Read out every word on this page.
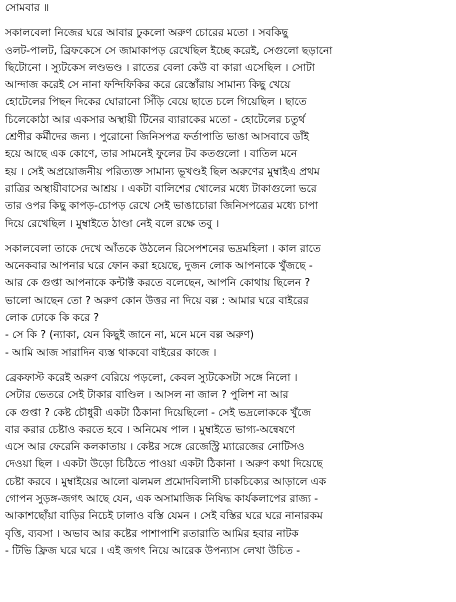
সোমবার ॥
সকালবেলা নিজের ঘরে আবার ঢুকলো অরুণ চোরের মতো । সবকিছু
ওলট-পালট, ব্রিফকেসে সে জামাকাপড় রেখেছিল ইচ্ছে করেই, সেগুলো ছড়ানো
ছিটোনো । স্যুটকেস লণ্ডভণ্ড । রাতের বেলা কেউ বা কারা এসেছিল । সোটা
আন্দাজ করেই সে নানা ফন্দিফিকির করে রেস্তোঁরায় সামান্য কিছু খেয়ে
হোটেলের পিছন দিকের ঘোরানো সিঁড়ি বেয়ে ছাতে চলে গিয়েছিল । ছাতে
চিলেকোঠা আর একসার অস্থায়ী টিনের ব্যারাকের মতো - হোটেলের চতুর্থ
শ্রেণীর কর্মীদের জন্য । পুরোনো জিনিসপত্র ফর্তাপাতি ভাঙা আসবাবে ডাঁই
হয়ে আছে এক কোণে, তার সামনেই ফুলের টব কতগুলো । বাতিল মনে
হয় । সেই অপ্রয়োজনীয় পরিত্যক্ত সামান্য ভূখণ্ডই ছিল অরুণের মুম্বাইএ প্রথম
রাত্রির অস্থায়ীবাসের আশ্রয় । একটা বালিশের খোলের মধ্যে টাকাগুলো ভরে
তার ওপর কিছু কাপড়-চোপড় রেখে সেই ভাঙাচোরা জিনিসপত্রের মধ্যে চাপা
দিয়ে রেখেছিল । মুম্বাইতে ঠাণ্ডা নেই বলে রক্ষে তবু ।
সকালবেলা তাকে দেখে আঁতকে উঠলেন রিসেপশনের ভদ্রমহিলা । কাল রাতে
অনেকবার আপনার ঘরে ফোন করা হয়েছে, দুজন লোক আপনাকে খুঁজছে -
আর কে গুপ্তা আপনাকে কন্টাক্ট করতে বলেছেন, আপনি কোথায় ছিলেন ?
ভালো আছেন তো ? অরুণ কোন উত্তর না দিয়ে বল্ল : আমার ঘরে বাইরের
লোক ঢোকে কি করে ?
- সে কি ? (ন্যাকা, যেন কিছুই জানে না, মনে মনে বল্ল অরুণ)
- আমি আজ সারাদিন ব্যস্ত থাকবো বাইরের কাজে ।
ব্রেকফাস্ট করেই অরুণ বেরিয়ে পড়লো, কেবল স্যুটকেসটা সঙ্গে নিলো ।
সেটার ভেতরে সেই টাকার বাণ্ডিল । আসল না জাল ? পুলিশ না আর
কে গুপ্তা ? কেষ্ট চৌধুরী একটা ঠিকানা দিয়েছিলো - সেই ভদ্রলোককে খুঁজে
বার করার চেষ্টাও করতে হবে । অনিমেষ পাল । মুম্বাইতে ভাগ্য-অন্বেষণে
এসে আর ফেরেনি কলকাতায় । কেষ্টর সঙ্গে রেজেস্ট্রি ম্যারেজের নোটিসও
দেওয়া ছিল । একটা উড়ো চিঠিতে পাওয়া একটা ঠিকানা । অরুণ কথা দিয়েছে
চেষ্টা করবে । মুম্বাইয়ের আলো ঝলমল প্রমোদবিলাসী চাকচিক্যের আড়ালে এক
গোপন সুড়ঙ্গ-জগৎ আছে যেন, এক অসামাজিক নিষিদ্ধ কার্যকলাপের রাজ্য -
আকাশছোঁয়া বাড়ির নিচেই ঢালাও বস্তি যেমন । সেই বস্তির ঘরে ঘরে নানারকম
বৃত্তি, ব্যবসা । অভাব আর কষ্টের পাশাপাশি রতারাতি আমির হবার নাটক
- টিভি ফ্রিজ ঘরে ঘরে । এই জগৎ নিয়ে আরেক উপন্যাস লেখা উচিত -
